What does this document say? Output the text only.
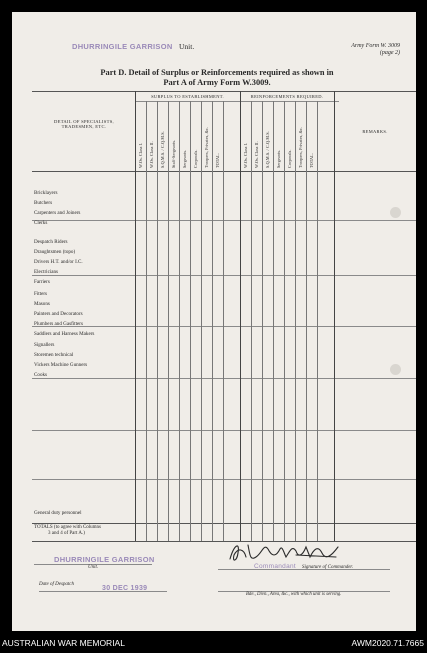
DHURRINGILE GARRISON Unit.	Army Form W. 3009
(page 2)
Part D. Detail of Surplus or Reinforcements required as shown in
Part A of Army Form W.3009.
DETAIL OF SPECIALISTS,
TRADESMEN, ETC.
SURPLUS TO ESTABLISHMENT.	REINFORCEMENTS REQUIRED.
REMARKS.
W.Os. Class I. W.Os. Class II. S.Q.M.S. / C.Q.M.S. Staff-Sergeants. Sergeants. Corporals. Troopers, Privates, &c. TOTAL.	W.Os. Class I. W.Os. Class II. S.Q.M.S. / C.Q.M.S. Sergeants. Corporals. Troopers, Privates, &c. TOTAL.
Bricklayers
Butchers
Carpenters and Joiners
Clerks
Despatch Riders
Draughtsmen (topo)
Drivers H.T. and/or I.C.
Electricians
Farriers
Fitters
Masons
Painters and Decorators
Plumbers and Gasfitters
Saddlers and Harness Makers
Signallers
Storemen technical
Vickers Machine Gunners
Cooks
General duty personnel
TOTALS (to agree with Columns
3 and 4 of Part A.)
DHURRINGILE GARRISON
Unit.	Commandant Signature of Commander.
Date of Despatch
30 DEC 1939
Bde., Divn., Area, &c., with which unit is serving.
AUSTRALIAN WAR MEMORIAL	AWM2020.71.7665
